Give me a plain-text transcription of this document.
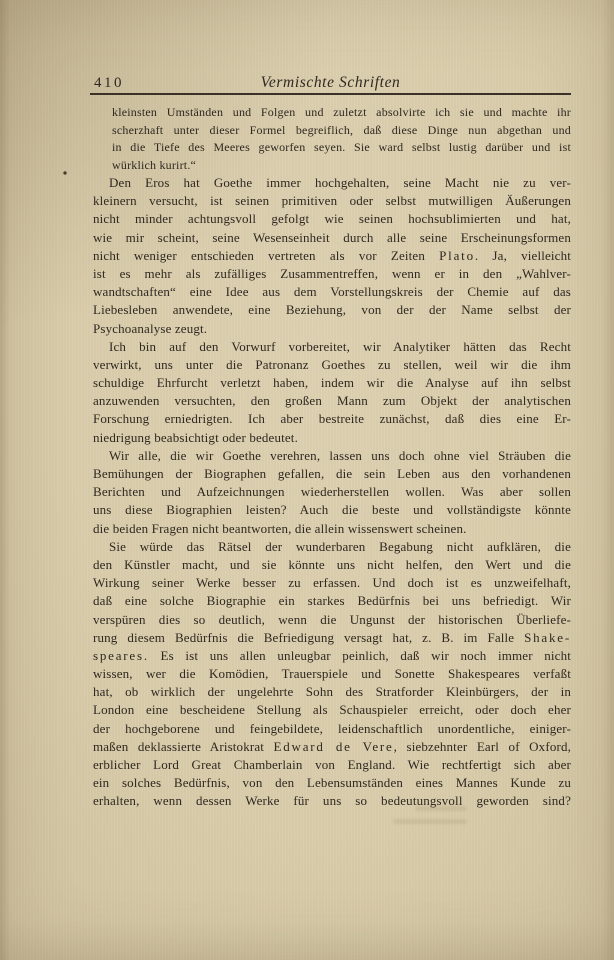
410	Vermischte Schriften
kleinsten Umständen und Folgen und zuletzt absolvirte ich sie und machte ihr
scherzhaft unter dieser Formel begreiflich, daß diese Dinge nun abgethan und
in die Tiefe des Meeres geworfen seyen. Sie ward selbst lustig darüber und ist
würklich kurirt.“
Den Eros hat Goethe immer hochgehalten, seine Macht nie zu ver-
kleinern versucht, ist seinen primitiven oder selbst mutwilligen Äußerungen
nicht minder achtungsvoll gefolgt wie seinen hochsublimierten und hat,
wie mir scheint, seine Wesenseinheit durch alle seine Erscheinungsformen
nicht weniger entschieden vertreten als vor Zeiten Plato. Ja, vielleicht
ist es mehr als zufälliges Zusammentreffen, wenn er in den „Wahlver-
wandtschaften“ eine Idee aus dem Vorstellungskreis der Chemie auf das
Liebesleben anwendete, eine Beziehung, von der der Name selbst der
Psychoanalyse zeugt.
Ich bin auf den Vorwurf vorbereitet, wir Analytiker hätten das Recht
verwirkt, uns unter die Patronanz Goethes zu stellen, weil wir die ihm
schuldige Ehrfurcht verletzt haben, indem wir die Analyse auf ihn selbst
anzuwenden versuchten, den großen Mann zum Objekt der analytischen
Forschung erniedrigten. Ich aber bestreite zunächst, daß dies eine Er-
niedrigung beabsichtigt oder bedeutet.
Wir alle, die wir Goethe verehren, lassen uns doch ohne viel Sträuben die
Bemühungen der Biographen gefallen, die sein Leben aus den vorhandenen
Berichten und Aufzeichnungen wiederherstellen wollen. Was aber sollen
uns diese Biographien leisten? Auch die beste und vollständigste könnte
die beiden Fragen nicht beantworten, die allein wissenswert scheinen.
Sie würde das Rätsel der wunderbaren Begabung nicht aufklären, die
den Künstler macht, und sie könnte uns nicht helfen, den Wert und die
Wirkung seiner Werke besser zu erfassen. Und doch ist es unzweifelhaft,
daß eine solche Biographie ein starkes Bedürfnis bei uns befriedigt. Wir
verspüren dies so deutlich, wenn die Ungunst der historischen Überliefe-
rung diesem Bedürfnis die Befriedigung versagt hat, z. B. im Falle Shake-
speares. Es ist uns allen unleugbar peinlich, daß wir noch immer nicht
wissen, wer die Komödien, Trauerspiele und Sonette Shakespeares verfaßt
hat, ob wirklich der ungelehrte Sohn des Stratforder Kleinbürgers, der in
London eine bescheidene Stellung als Schauspieler erreicht, oder doch eher
der hochgeborene und feingebildete, leidenschaftlich unordentliche, einiger-
maßen deklassierte Aristokrat Edward de Vere, siebzehnter Earl of Oxford,
erblicher Lord Great Chamberlain von England. Wie rechtfertigt sich aber
ein solches Bedürfnis, von den Lebensumständen eines Mannes Kunde zu
erhalten, wenn dessen Werke für uns so bedeutungsvoll geworden sind?
